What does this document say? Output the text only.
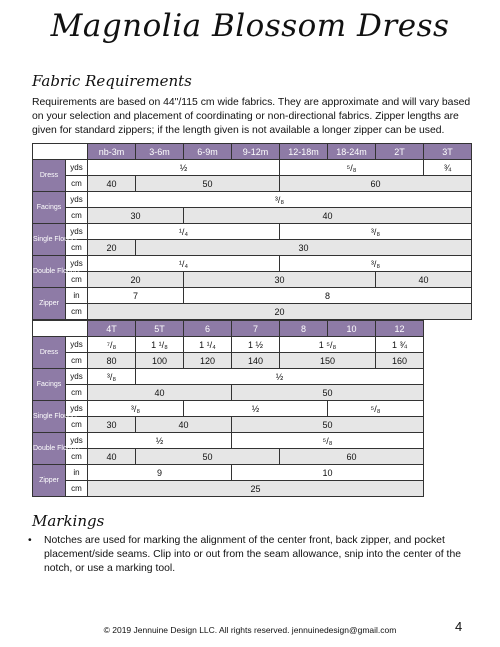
Magnolia Blossom Dress
Fabric Requirements
Requirements are based on 44"/115 cm wide fabrics. They are approximate and will vary based on your selection and placement of coordinating or non-directional fabrics. Zipper lengths are given for standard zippers; if the length given is not available a longer zipper can be used.
		nb-3m	3-6m	6-9m	9-12m	12-18m	18-24m	2T	3T
Dress	yds	½				⁵/₈			¾
	cm	40	50			60			
Facings	yds	³/₈							
	cm	30		40					
Single Flounce	yds	¹/₄				³/₈			
	cm	20	30						
Double Flounce	yds	¹/₄				³/₈			
	cm	20		30				40	
Zipper	in	7		8					
	cm	20							
		4T	5T	6	7	8	10	12
Dress	yds	⁷/₈	1 ¹/₈	1 ¹/₄	1 ½	1 ⁵/₈		1 ¾
	cm	80	100	120	140	150		160
Facings	yds	³/₈	½					
	cm	40			50			
Single Flounce	yds	³/₈		½			⁵/₈	
	cm	30	40		50			
Double Flounce	yds	½			⁵/₈			
	cm	40	50			60		
Zipper	in	9			10			
	cm	25						
Markings
• Notches are used for marking the alignment of the center front, back zipper, and pocket placement/side seams. Clip into or out from the seam allowance, snip into the center of the notch, or use a marking tool.
© 2019 Jennuine Design LLC. All rights reserved. jennuinedesign@gmail.com	4
